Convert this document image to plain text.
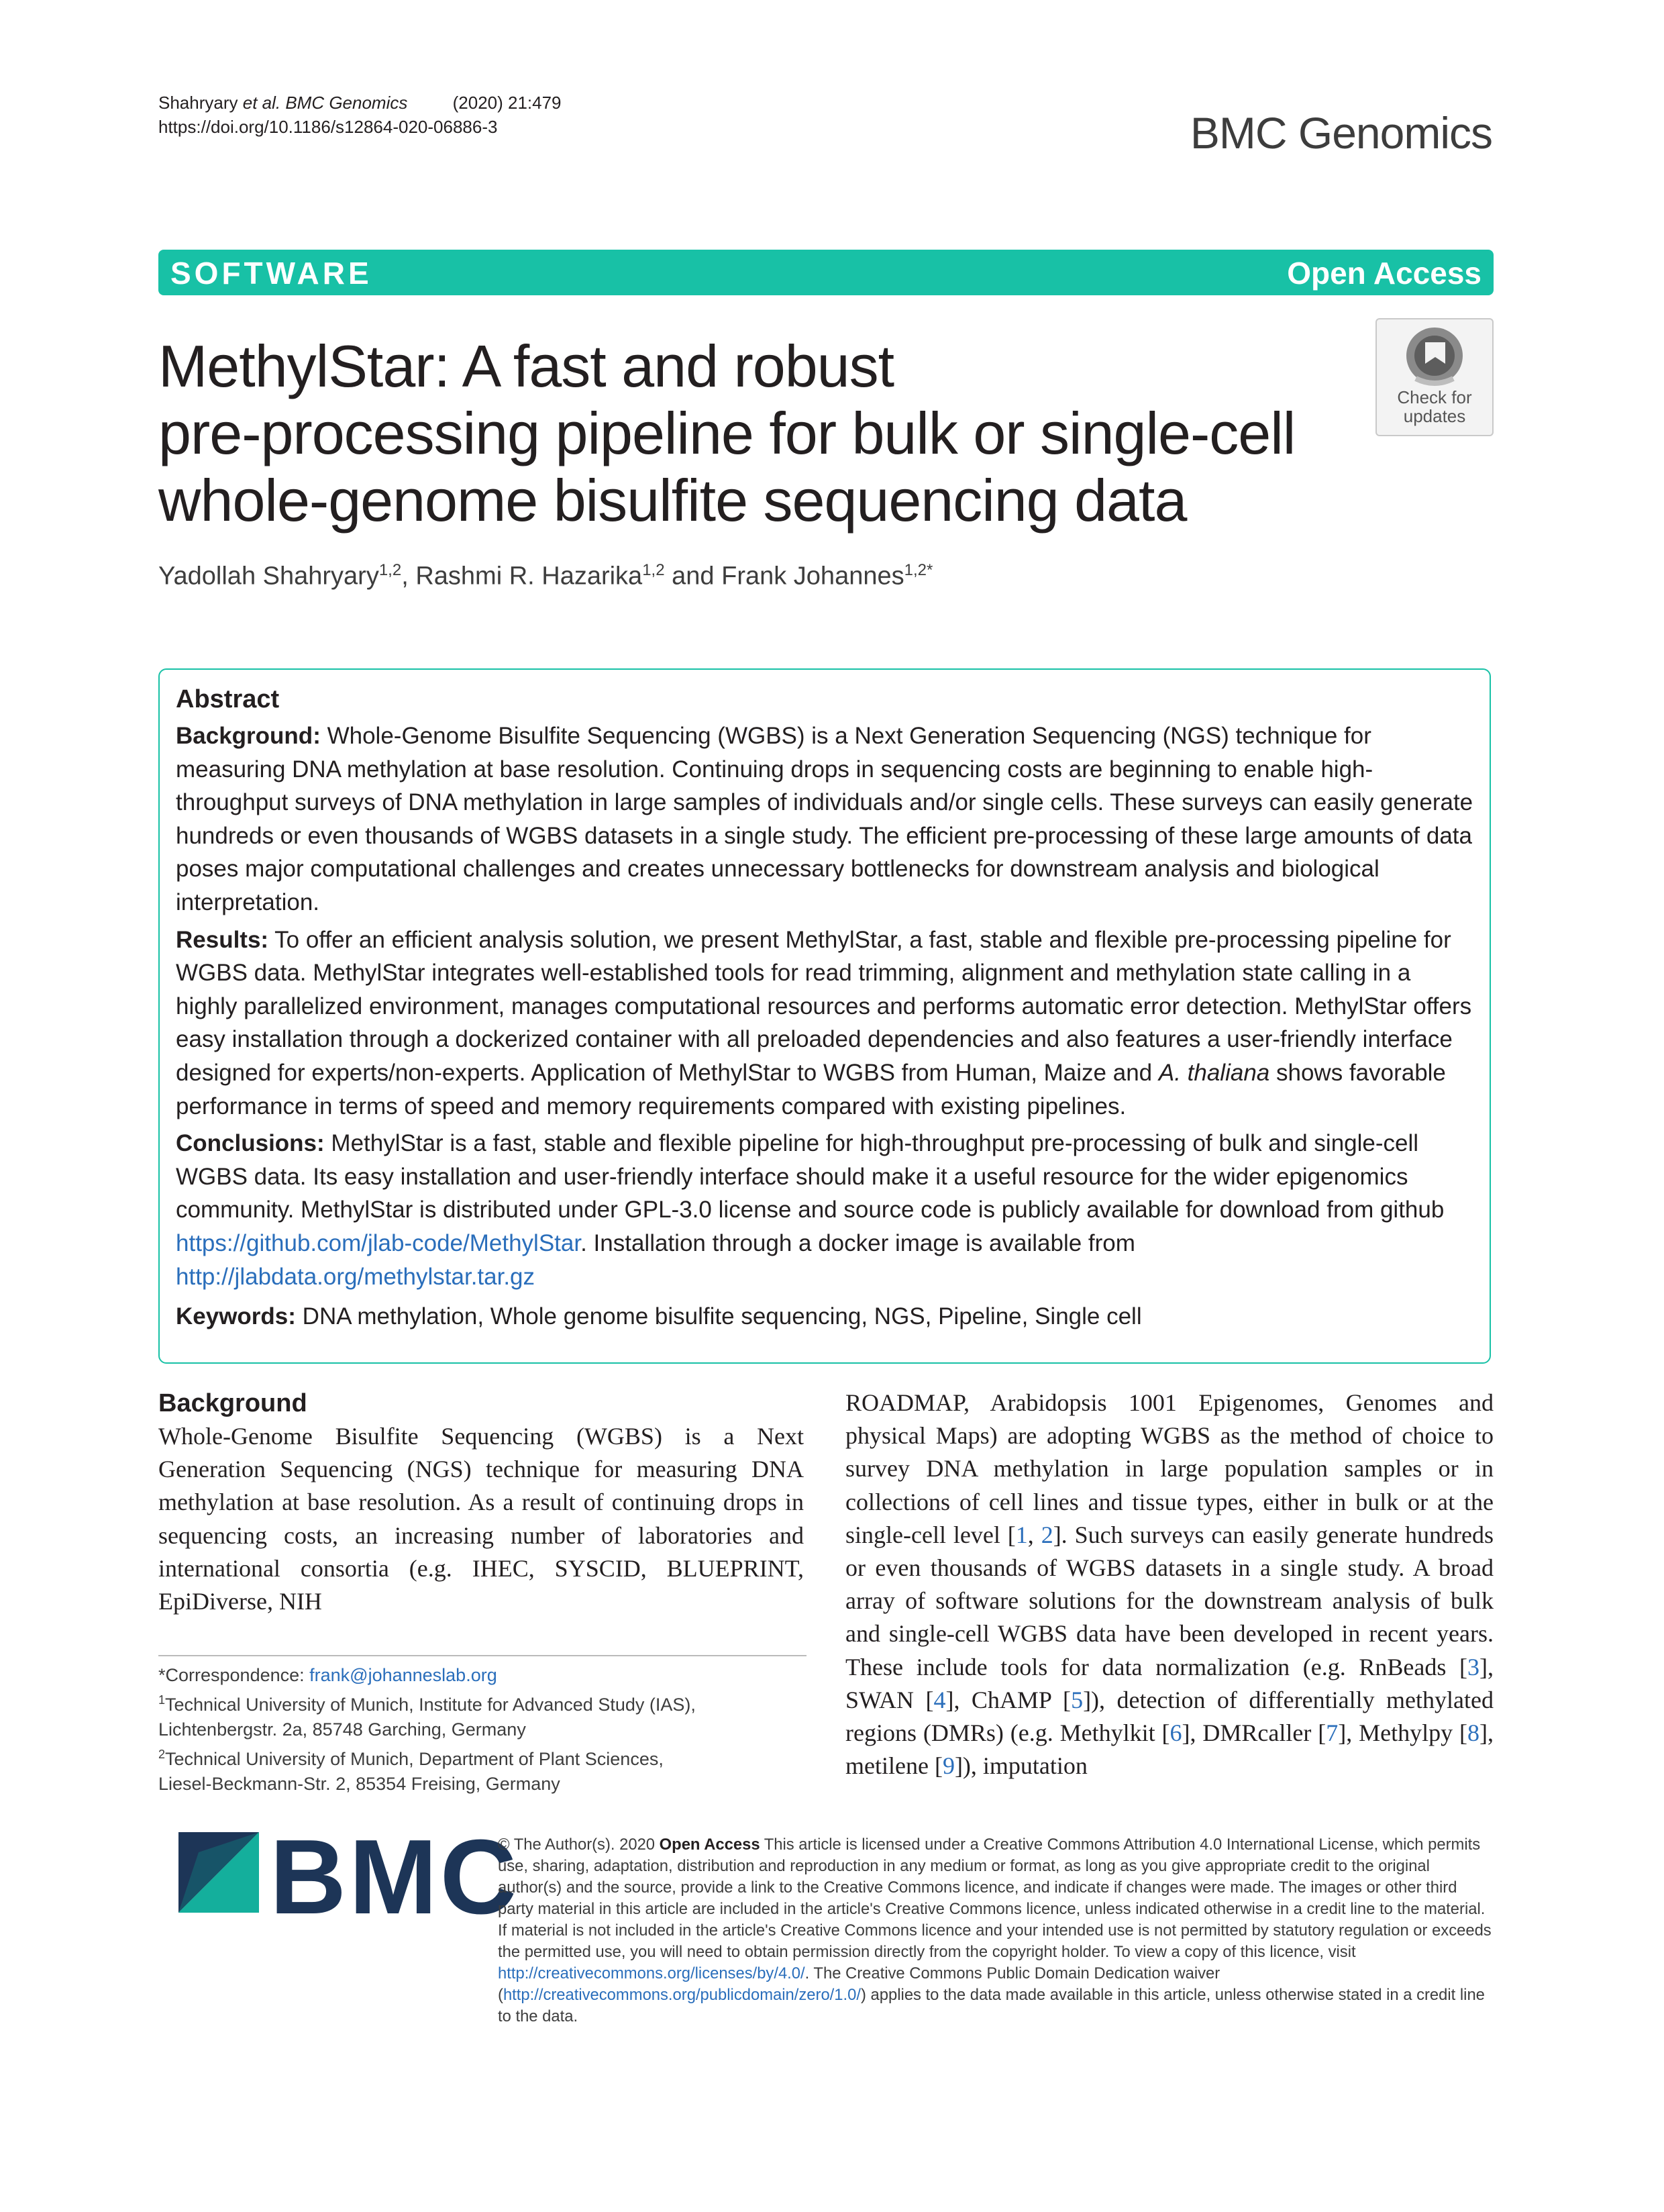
Shahryary et al. BMC Genomics	(2020) 21:479
https://doi.org/10.1186/s12864-020-06886-3	BMC Genomics
SOFTWARE	Open Access
MethylStar: A fast and robust
pre-processing pipeline for bulk or single-cell
whole-genome bisulfite sequencing data
Check for
updates
Yadollah Shahryary$^{1,2}$, Rashmi R. Hazarika$^{1,2}$ and Frank Johannes$^{1,2*}$
Abstract

Background: Whole-Genome Bisulfite Sequencing (WGBS) is a Next Generation Sequencing (NGS) technique for measuring DNA methylation at base resolution. Continuing drops in sequencing costs are beginning to enable high-throughput surveys of DNA methylation in large samples of individuals and/or single cells. These surveys can easily generate hundreds or even thousands of WGBS datasets in a single study. The efficient pre-processing of these large amounts of data poses major computational challenges and creates unnecessary bottlenecks for downstream analysis and biological interpretation.

Results: To offer an efficient analysis solution, we present MethylStar, a fast, stable and flexible pre-processing pipeline for WGBS data. MethylStar integrates well-established tools for read trimming, alignment and methylation state calling in a highly parallelized environment, manages computational resources and performs automatic error detection. MethylStar offers easy installation through a dockerized container with all preloaded dependencies and also features a user-friendly interface designed for experts/non-experts. Application of MethylStar to WGBS from Human, Maize and A. thaliana shows favorable performance in terms of speed and memory requirements compared with existing pipelines.

Conclusions: MethylStar is a fast, stable and flexible pipeline for high-throughput pre-processing of bulk and single-cell WGBS data. Its easy installation and user-friendly interface should make it a useful resource for the wider epigenomics community. MethylStar is distributed under GPL-3.0 license and source code is publicly available for download from github https://github.com/jlab-code/MethylStar. Installation through a docker image is available from http://jlabdata.org/methylstar.tar.gz

Keywords: DNA methylation, Whole genome bisulfite sequencing, NGS, Pipeline, Single cell

Background
Whole-Genome Bisulfite Sequencing (WGBS) is a Next Generation Sequencing (NGS) technique for measuring DNA methylation at base resolution. As a result of continuing drops in sequencing costs, an increasing number of laboratories and international consortia (e.g. IHEC, SYSCID, BLUEPRINT, EpiDiverse, NIH
ROADMAP, Arabidopsis 1001 Epigenomes, Genomes and physical Maps) are adopting WGBS as the method of choice to survey DNA methylation in large population samples or in collections of cell lines and tissue types, either in bulk or at the single-cell level [1, 2]. Such surveys can easily generate hundreds or even thousands of WGBS datasets in a single study. A broad array of software solutions for the downstream analysis of bulk and single-cell WGBS data have been developed in recent years. These include tools for data normalization (e.g. RnBeads [3], SWAN [4], ChAMP [5]), detection of differentially methylated regions (DMRs) (e.g. Methylkit [6], DMRcaller [7], Methylpy [8], metilene [9]), imputation
*Correspondence: frank@johanneslab.org
$^1$Technical University of Munich, Institute for Advanced Study (IAS),
Lichtenbergstr. 2a, 85748 Garching, Germany
$^2$Technical University of Munich, Department of Plant Sciences,
Liesel-Beckmann-Str. 2, 85354 Freising, Germany
BMC
© The Author(s). 2020 Open Access This article is licensed under a Creative Commons Attribution 4.0 International License, which permits use, sharing, adaptation, distribution and reproduction in any medium or format, as long as you give appropriate credit to the original author(s) and the source, provide a link to the Creative Commons licence, and indicate if changes were made. The images or other third party material in this article are included in the article's Creative Commons licence, unless indicated otherwise in a credit line to the material. If material is not included in the article's Creative Commons licence and your intended use is not permitted by statutory regulation or exceeds the permitted use, you will need to obtain permission directly from the copyright holder. To view a copy of this licence, visit http://creativecommons.org/licenses/by/4.0/. The Creative Commons Public Domain Dedication waiver (http://creativecommons.org/publicdomain/zero/1.0/) applies to the data made available in this article, unless otherwise stated in a credit line to the data.
